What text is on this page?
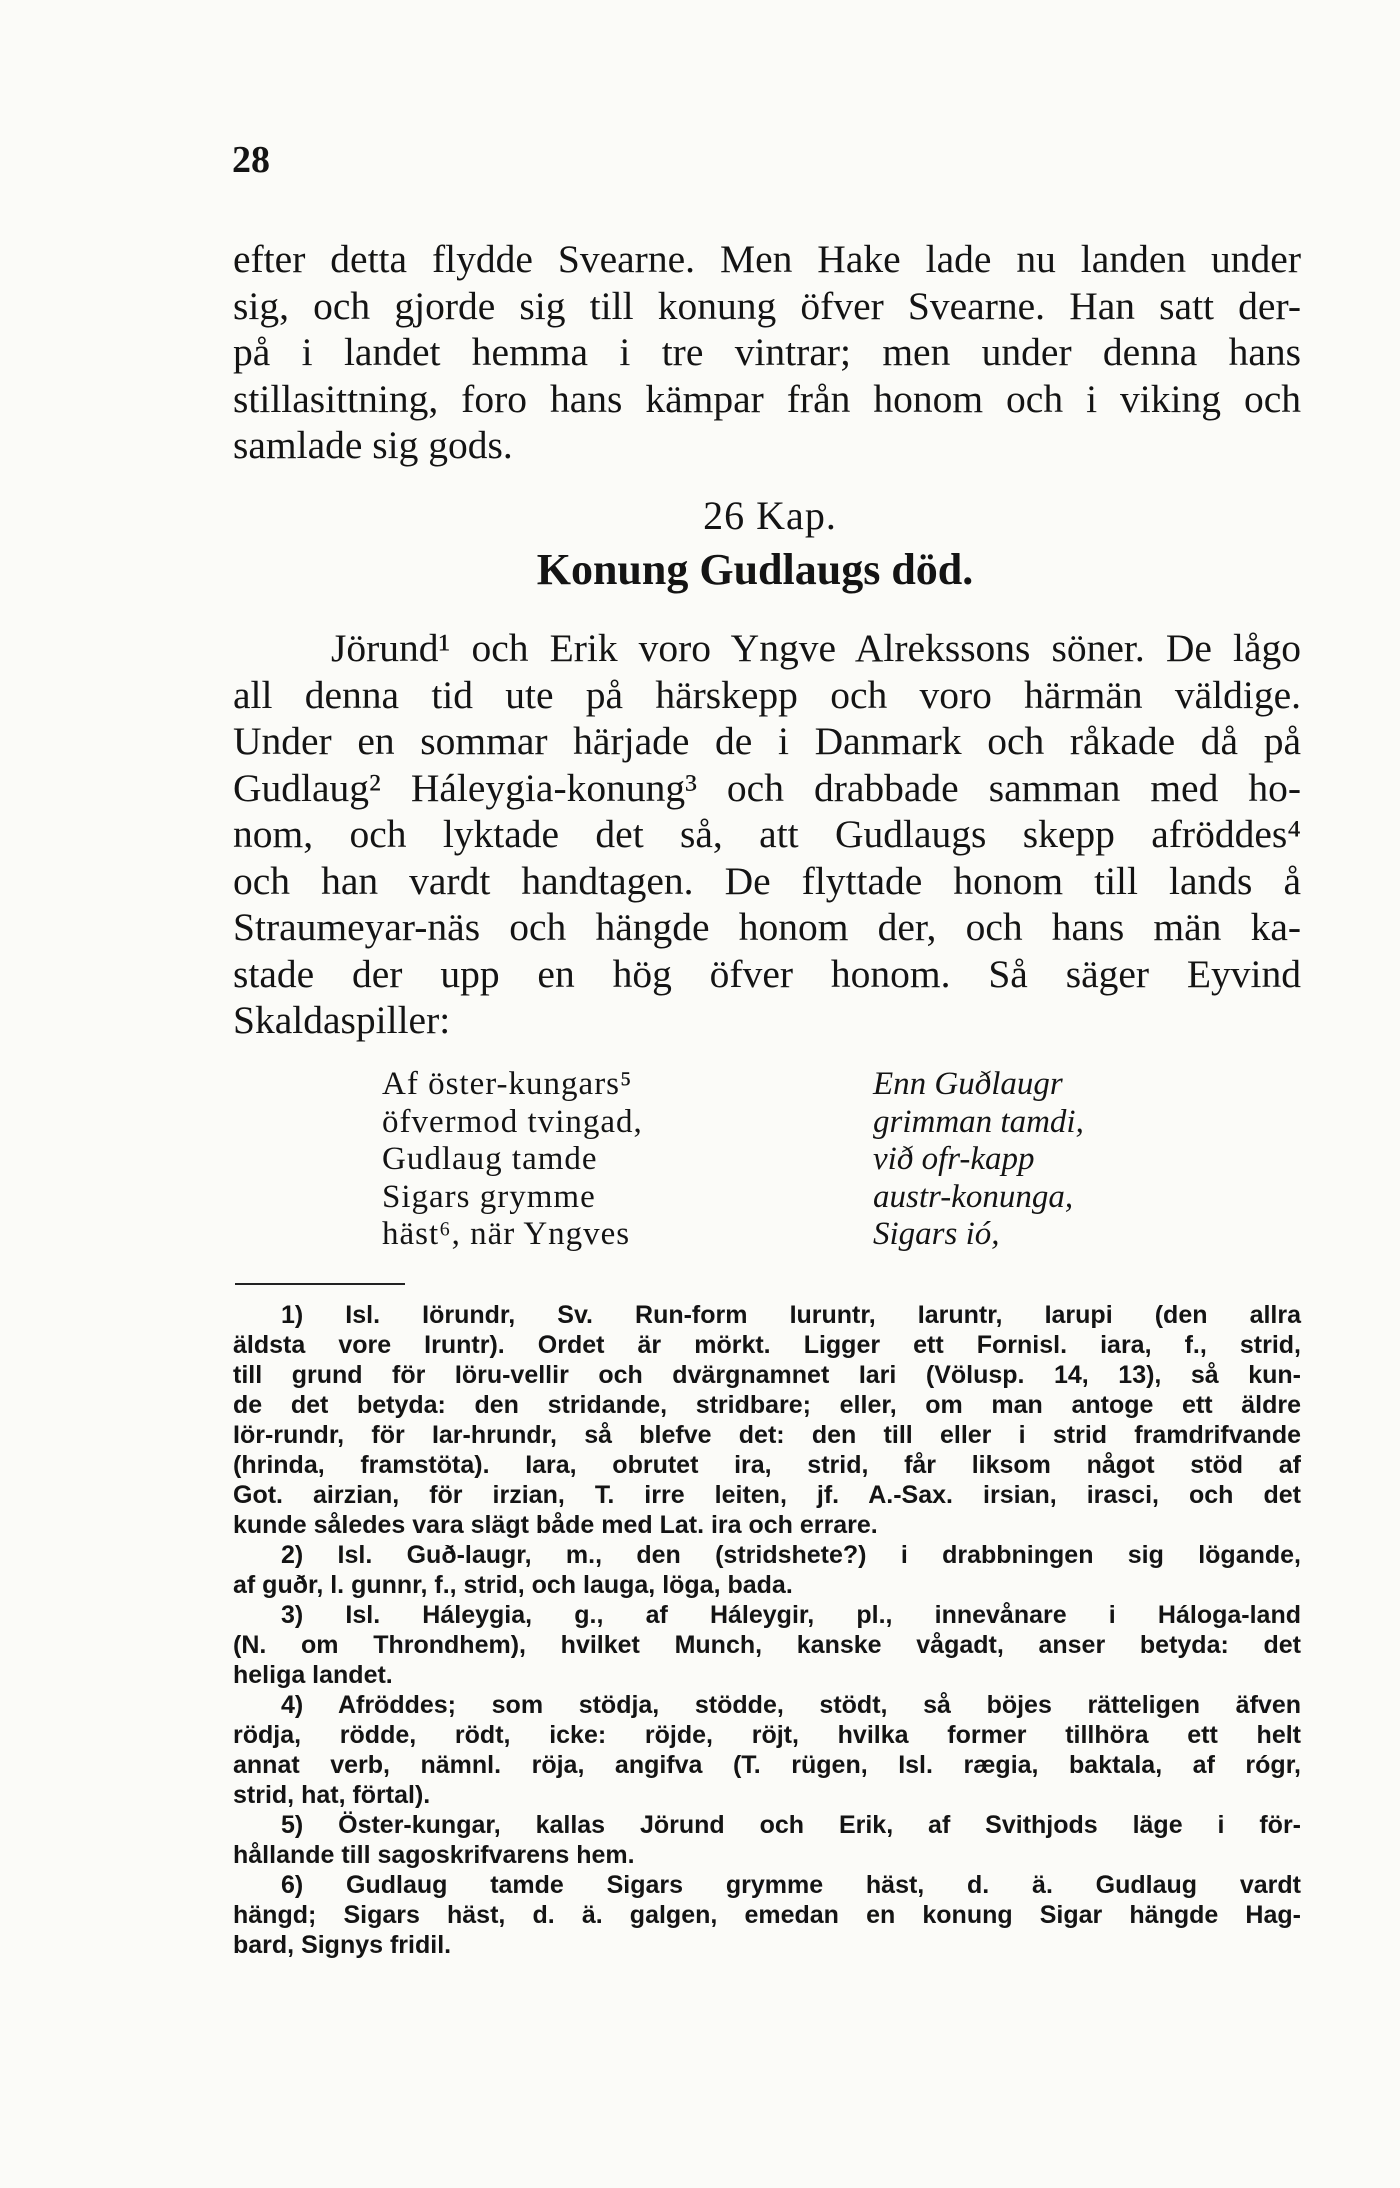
28

efter detta flydde Svearne. Men Hake lade nu landen under
sig, och gjorde sig till konung öfver Svearne. Han satt der-
på i landet hemma i tre vintrar; men under denna hans
stillasittning, foro hans kämpar från honom och i viking och
samlade sig gods.

26 Kap.
Konung Gudlaugs död.

Jörund¹ och Erik voro Yngve Alrekssons söner. De lågo
all denna tid ute på härskepp och voro härmän väldige.
Under en sommar härjade de i Danmark och råkade då på
Gudlaug² Háleygia-konung³ och drabbade samman med ho-
nom, och lyktade det så, att Gudlaugs skepp afröddes⁴
och han vardt handtagen. De flyttade honom till lands å
Straumeyar-näs och hängde honom der, och hans män ka-
stade der upp en hög öfver honom. Så säger Eyvind
Skaldaspiller:

Af öster-kungars⁵
öfvermod tvingad,
Gudlaug tamde
Sigars grymme
häst⁶, när Yngves
Enn Guðlaugr
grimman tamdi,
við ofr-kapp
austr-konunga,
Sigars ió,
1) Isl. Iörundr, Sv. Run-form Iuruntr, Iaruntr, Iarupi (den allra
äldsta vore Iruntr). Ordet är mörkt. Ligger ett Fornisl. iara, f., strid,
till grund för Iöru-vellir och dvärgnamnet Iari (Völusp. 14, 13), så kun-
de det betyda: den stridande, stridbare; eller, om man antoge ett äldre
Iör-rundr, för Iar-hrundr, så blefve det: den till eller i strid framdrifvande
(hrinda, framstöta). Iara, obrutet ira, strid, får liksom något stöd af
Got. airzian, för irzian, T. irre leiten, jf. A.-Sax. irsian, irasci, och det
kunde således vara slägt både med Lat. ira och errare.
2) Isl. Guð-laugr, m., den (stridshete?) i drabbningen sig lögande,
af guðr, l. gunnr, f., strid, och lauga, löga, bada.
3) Isl. Háleygia, g., af Háleygir, pl., innevånare i Háloga-land
(N. om Throndhem), hvilket Munch, kanske vågadt, anser betyda: det
heliga landet.
4) Afröddes; som stödja, stödde, stödt, så böjes rätteligen äfven
rödja, rödde, rödt, icke: röjde, röjt, hvilka former tillhöra ett helt
annat verb, nämnl. röja, angifva (T. rügen, Isl. rægia, baktala, af rógr,
strid, hat, förtal).
5) Öster-kungar, kallas Jörund och Erik, af Svithjods läge i för-
hållande till sagoskrifvarens hem.
6) Gudlaug tamde Sigars grymme häst, d. ä. Gudlaug vardt
hängd; Sigars häst, d. ä. galgen, emedan en konung Sigar hängde Hag-
bard, Signys fridil.
